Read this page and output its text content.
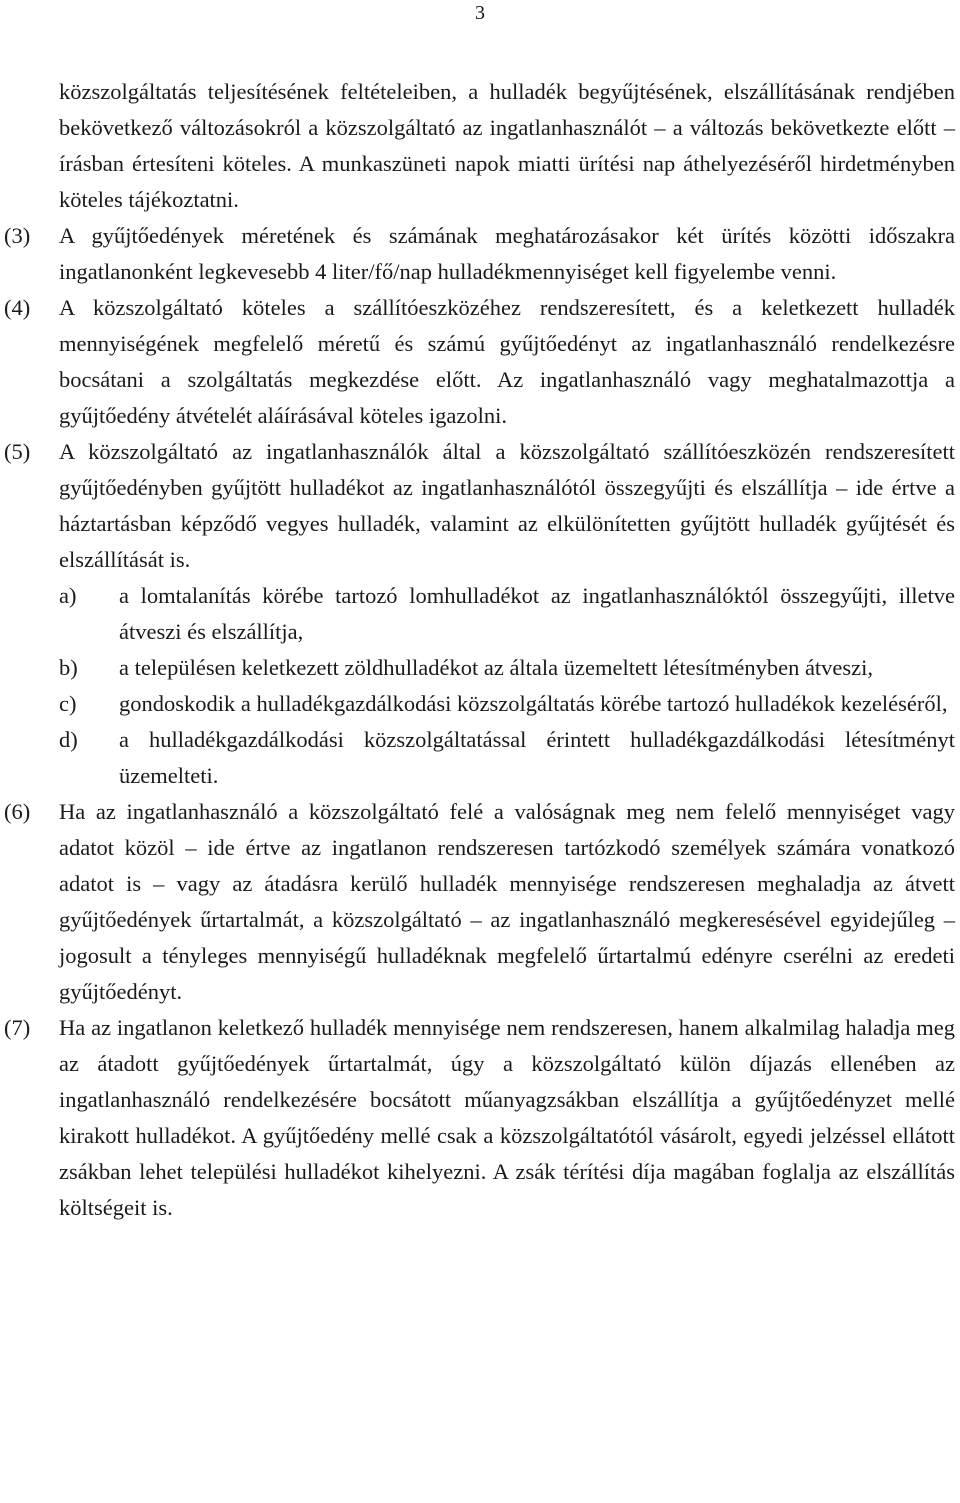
3
közszolgáltatás teljesítésének feltételeiben, a hulladék begyűjtésének, elszállításának rendjében bekövetkező változásokról a közszolgáltató az ingatlanhasználót – a változás bekövetkezte előtt – írásban értesíteni köteles. A munkaszüneti napok miatti ürítési nap áthelyezéséről hirdetményben köteles tájékoztatni.
(3) A gyűjtőedények méretének és számának meghatározásakor két ürítés közötti időszakra ingatlanonként legkevesebb 4 liter/fő/nap hulladékmennyiséget kell figyelembe venni.
(4) A közszolgáltató köteles a szállítóeszközéhez rendszeresített, és a keletkezett hulladék mennyiségének megfelelő méretű és számú gyűjtőedényt az ingatlanhasználó rendelkezésre bocsátani a szolgáltatás megkezdése előtt. Az ingatlanhasználó vagy meghatalmazottja a gyűjtőedény átvételét aláírásával köteles igazolni.
(5) A közszolgáltató az ingatlanhasználók által a közszolgáltató szállítóeszközén rendszeresített gyűjtőedényben gyűjtött hulladékot az ingatlanhasználótól összegyűjti és elszállítja – ide értve a háztartásban képződő vegyes hulladék, valamint az elkülönítetten gyűjtött hulladék gyűjtését és elszállítását is.
a) a lomtalanítás körébe tartozó lomhulladékot az ingatlanhasználóktól összegyűjti, illetve átveszi és elszállítja,
b) a településen keletkezett zöldhulladékot az általa üzemeltett létesítményben átveszi,
c) gondoskodik a hulladékgazdálkodási közszolgáltatás körébe tartozó hulladékok kezeléséről,
d) a hulladékgazdálkodási közszolgáltatással érintett hulladékgazdálkodási létesítményt üzemelteti.
(6) Ha az ingatlanhasználó a közszolgáltató felé a valóságnak meg nem felelő mennyiséget vagy adatot közöl – ide értve az ingatlanon rendszeresen tartózkodó személyek számára vonatkozó adatot is – vagy az átadásra kerülő hulladék mennyisége rendszeresen meghaladja az átvett gyűjtőedények űrtartalmát, a közszolgáltató – az ingatlanhasználó megkeresésével egyidejűleg – jogosult a tényleges mennyiségű hulladéknak megfelelő űrtartalmú edényre cserélni az eredeti gyűjtőedényt.
(7) Ha az ingatlanon keletkező hulladék mennyisége nem rendszeresen, hanem alkalmilag haladja meg az átadott gyűjtőedények űrtartalmát, úgy a közszolgáltató külön díjazás ellenében az ingatlanhasználó rendelkezésére bocsátott műanyagzsákban elszállítja a gyűjtőedényzet mellé kirakott hulladékot. A gyűjtőedény mellé csak a közszolgáltatótól vásárolt, egyedi jelzéssel ellátott zsákban lehet települési hulladékot kihelyezni. A zsák térítési díja magában foglalja az elszállítás költségeit is.
